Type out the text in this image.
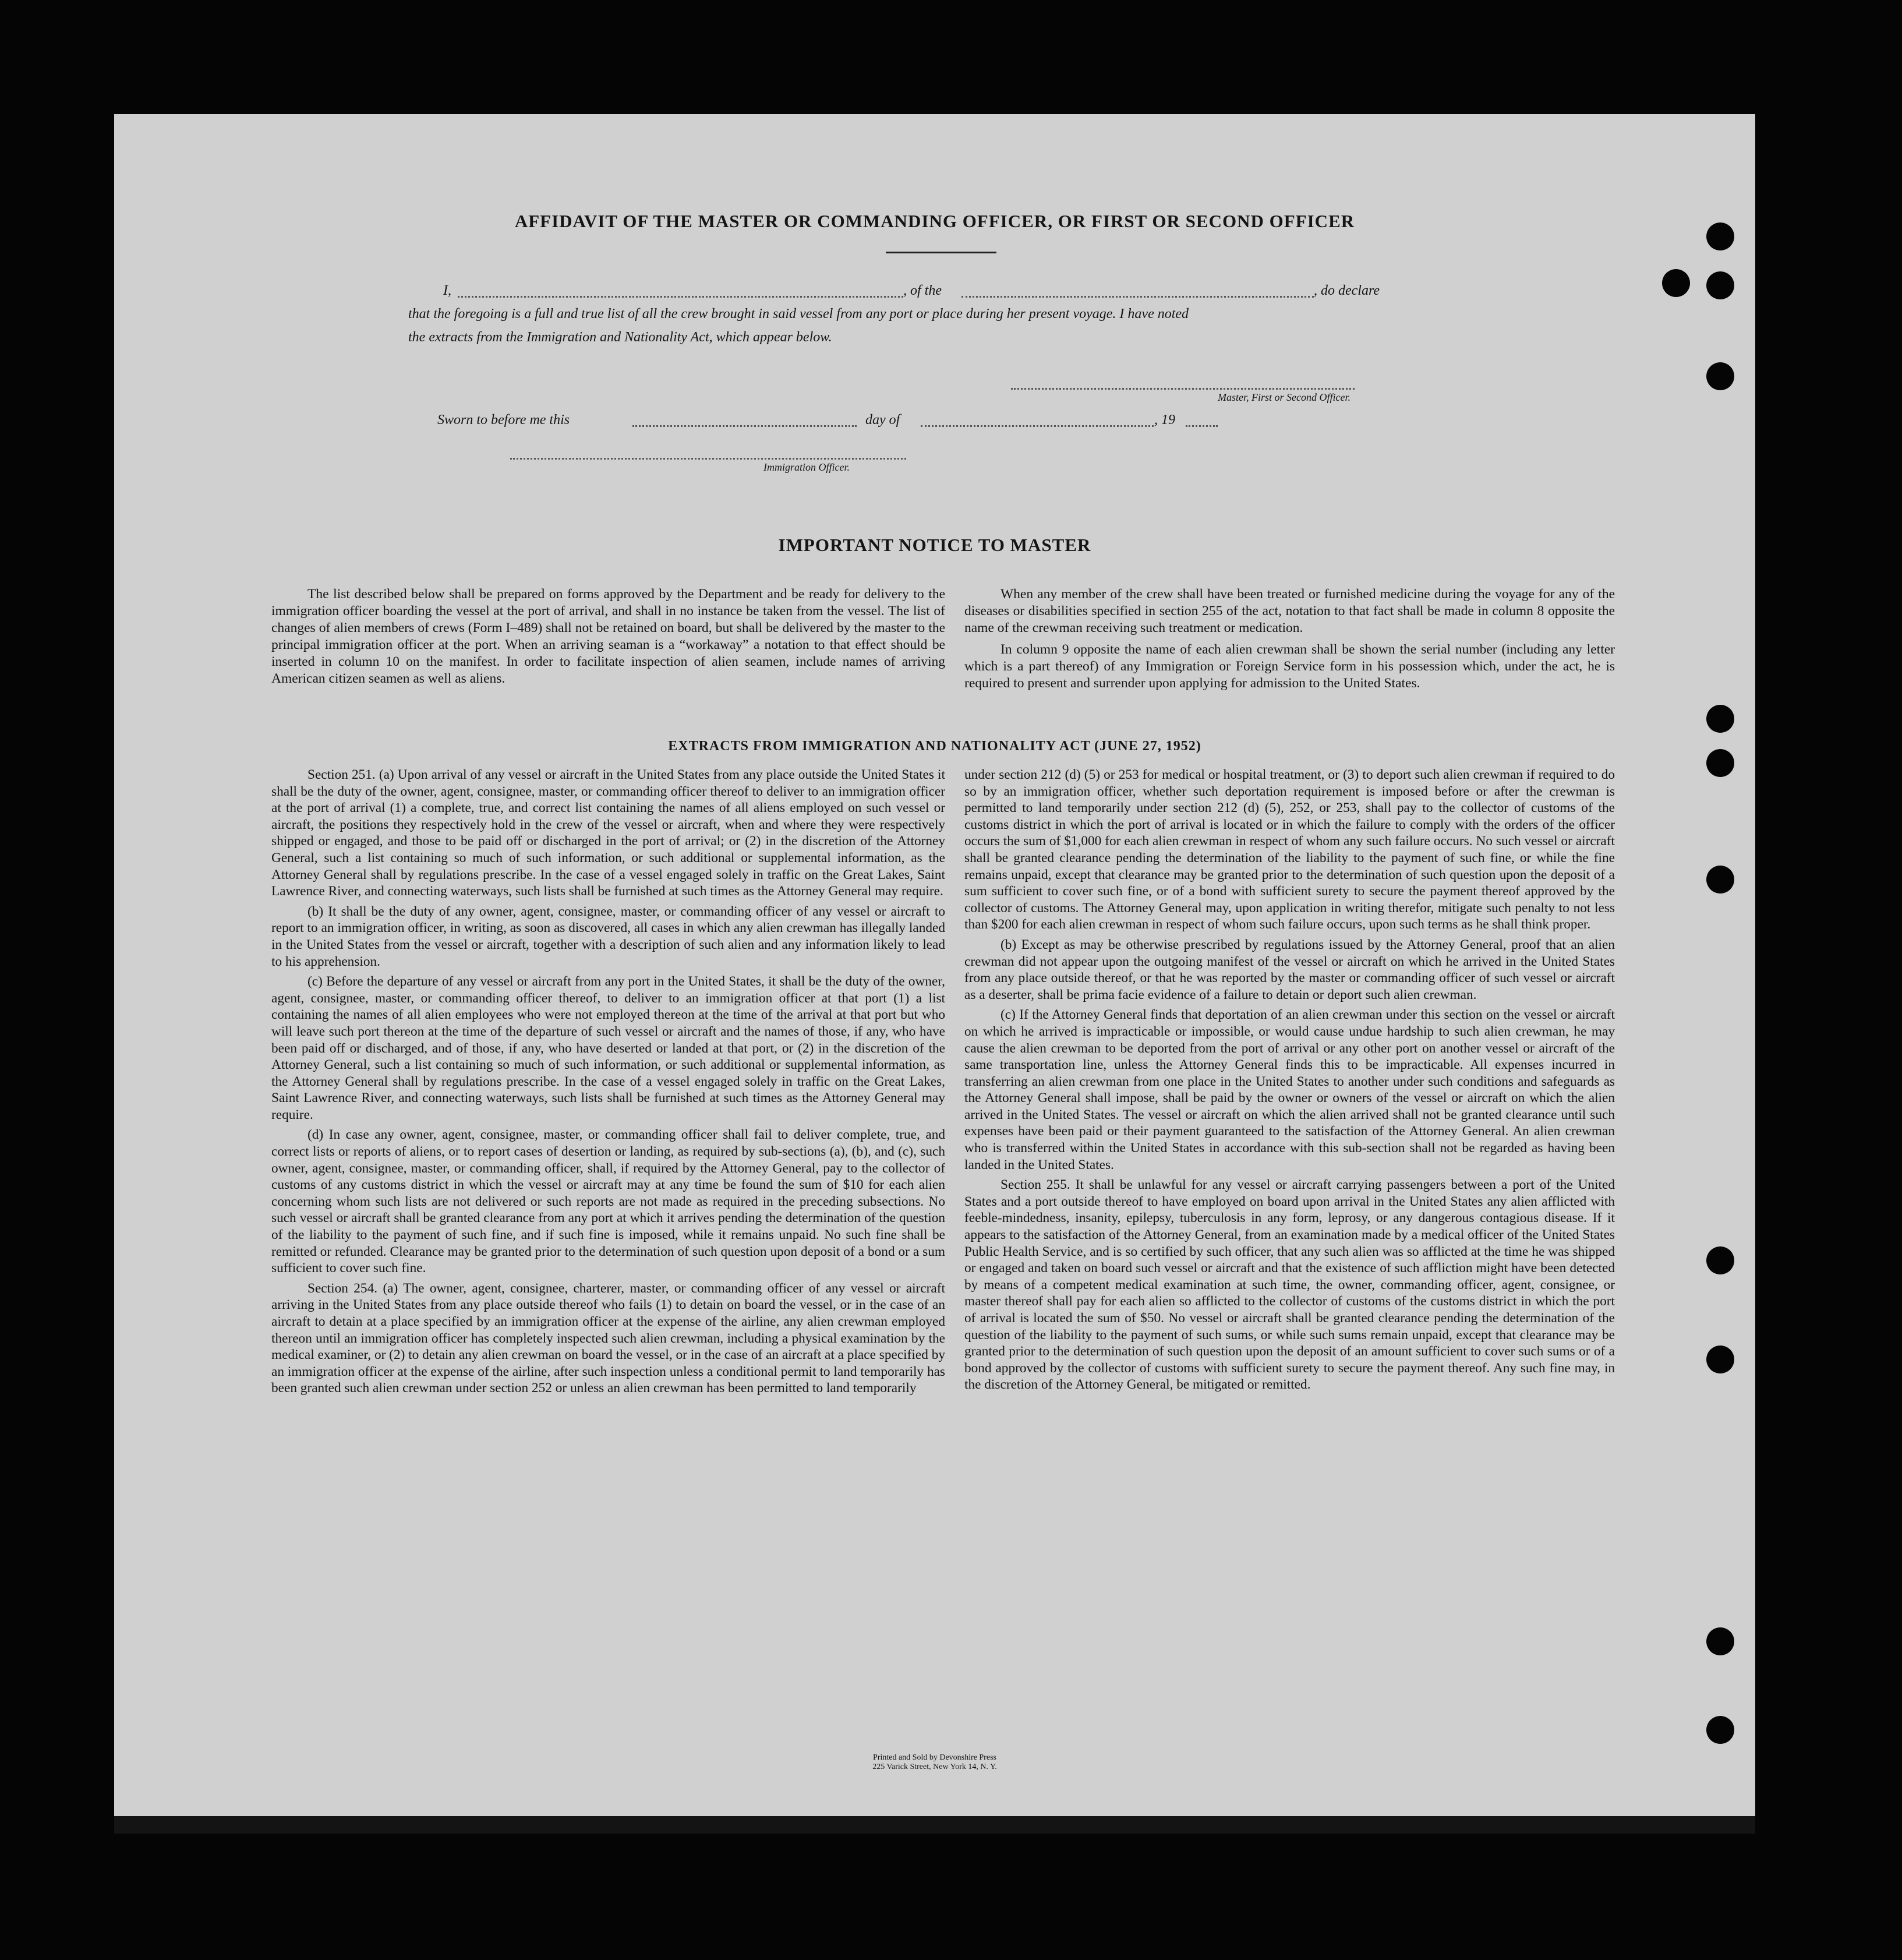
AFFIDAVIT OF THE MASTER OR COMMANDING OFFICER, OR FIRST OR SECOND OFFICER
I,	, of the	, do declare
that the foregoing is a full and true list of all the crew brought in said vessel from any port or place during her present voyage. I have noted
the extracts from the Immigration and Nationality Act, which appear below.
Master, First or Second Officer.
Sworn to before me this	day of	, 19
Immigration Officer.
IMPORTANT NOTICE TO MASTER

The list described below shall be prepared on forms approved by the Department and be ready for delivery to the immigration officer boarding the vessel at the port of arrival, and shall in no instance be taken from the vessel. The list of changes of alien members of crews (Form I–489) shall not be retained on board, but shall be delivered by the master to the principal immigration officer at the port. When an arriving seaman is a “workaway” a notation to that effect should be inserted in column 10 on the manifest. In order to facilitate inspection of alien seamen, include names of arriving American citizen seamen as well as aliens.

When any member of the crew shall have been treated or furnished medicine during the voyage for any of the diseases or disabilities specified in section 255 of the act, notation to that fact shall be made in column 8 opposite the name of the crewman receiving such treatment or medication.

In column 9 opposite the name of each alien crewman shall be shown the serial number (including any letter which is a part thereof) of any Immigration or Foreign Service form in his possession which, under the act, he is required to present and surrender upon applying for admission to the United States.

EXTRACTS FROM IMMIGRATION AND NATIONALITY ACT (JUNE 27, 1952)

Section 251. (a) Upon arrival of any vessel or aircraft in the United States from any place outside the United States it shall be the duty of the owner, agent, consignee, master, or commanding officer thereof to deliver to an immigration officer at the port of arrival (1) a complete, true, and correct list containing the names of all aliens employed on such vessel or aircraft, the positions they respectively hold in the crew of the vessel or aircraft, when and where they were respectively shipped or engaged, and those to be paid off or discharged in the port of arrival; or (2) in the discretion of the Attorney General, such a list containing so much of such information, or such additional or supplemental information, as the Attorney General shall by regulations prescribe. In the case of a vessel engaged solely in traffic on the Great Lakes, Saint Lawrence River, and connecting waterways, such lists shall be furnished at such times as the Attorney General may require.

(b) It shall be the duty of any owner, agent, consignee, master, or commanding officer of any vessel or aircraft to report to an immigration officer, in writing, as soon as discovered, all cases in which any alien crewman has illegally landed in the United States from the vessel or aircraft, together with a description of such alien and any information likely to lead to his apprehension.

(c) Before the departure of any vessel or aircraft from any port in the United States, it shall be the duty of the owner, agent, consignee, master, or commanding officer thereof, to deliver to an immigration officer at that port (1) a list containing the names of all alien employees who were not employed thereon at the time of the arrival at that port but who will leave such port thereon at the time of the departure of such vessel or aircraft and the names of those, if any, who have been paid off or discharged, and of those, if any, who have deserted or landed at that port, or (2) in the discretion of the Attorney General, such a list containing so much of such information, or such additional or supplemental information, as the Attorney General shall by regulations prescribe. In the case of a vessel engaged solely in traffic on the Great Lakes, Saint Lawrence River, and connecting waterways, such lists shall be furnished at such times as the Attorney General may require.

(d) In case any owner, agent, consignee, master, or commanding officer shall fail to deliver complete, true, and correct lists or reports of aliens, or to report cases of desertion or landing, as required by sub-sections (a), (b), and (c), such owner, agent, consignee, master, or commanding officer, shall, if required by the Attorney General, pay to the collector of customs of any customs district in which the vessel or aircraft may at any time be found the sum of $10 for each alien concerning whom such lists are not delivered or such reports are not made as required in the preceding subsections. No such vessel or aircraft shall be granted clearance from any port at which it arrives pending the determination of the question of the liability to the payment of such fine, and if such fine is imposed, while it remains unpaid. No such fine shall be remitted or refunded. Clearance may be granted prior to the determination of such question upon deposit of a bond or a sum sufficient to cover such fine.

Section 254. (a) The owner, agent, consignee, charterer, master, or commanding officer of any vessel or aircraft arriving in the United States from any place outside thereof who fails (1) to detain on board the vessel, or in the case of an aircraft to detain at a place specified by an immigration officer at the expense of the airline, any alien crewman employed thereon until an immigration officer has completely inspected such alien crewman, including a physical examination by the medical examiner, or (2) to detain any alien crewman on board the vessel, or in the case of an aircraft at a place specified by an immigration officer at the expense of the airline, after such inspection unless a conditional permit to land temporarily has been granted such alien crewman under section 252 or unless an alien crewman has been permitted to land temporarily

under section 212 (d) (5) or 253 for medical or hospital treatment, or (3) to deport such alien crewman if required to do so by an immigration officer, whether such deportation requirement is imposed before or after the crewman is permitted to land temporarily under section 212 (d) (5), 252, or 253, shall pay to the collector of customs of the customs district in which the port of arrival is located or in which the failure to comply with the orders of the officer occurs the sum of $1,000 for each alien crewman in respect of whom any such failure occurs. No such vessel or aircraft shall be granted clearance pending the determination of the liability to the payment of such fine, or while the fine remains unpaid, except that clearance may be granted prior to the determination of such question upon the deposit of a sum sufficient to cover such fine, or of a bond with sufficient surety to secure the payment thereof approved by the collector of customs. The Attorney General may, upon application in writing therefor, mitigate such penalty to not less than $200 for each alien crewman in respect of whom such failure occurs, upon such terms as he shall think proper.

(b) Except as may be otherwise prescribed by regulations issued by the Attorney General, proof that an alien crewman did not appear upon the outgoing manifest of the vessel or aircraft on which he arrived in the United States from any place outside thereof, or that he was reported by the master or commanding officer of such vessel or aircraft as a deserter, shall be prima facie evidence of a failure to detain or deport such alien crewman.

(c) If the Attorney General finds that deportation of an alien crewman under this section on the vessel or aircraft on which he arrived is impracticable or impossible, or would cause undue hardship to such alien crewman, he may cause the alien crewman to be deported from the port of arrival or any other port on another vessel or aircraft of the same transportation line, unless the Attorney General finds this to be impracticable. All expenses incurred in transferring an alien crewman from one place in the United States to another under such conditions and safeguards as the Attorney General shall impose, shall be paid by the owner or owners of the vessel or aircraft on which the alien arrived in the United States. The vessel or aircraft on which the alien arrived shall not be granted clearance until such expenses have been paid or their payment guaranteed to the satisfaction of the Attorney General. An alien crewman who is transferred within the United States in accordance with this sub-section shall not be regarded as having been landed in the United States.

Section 255. It shall be unlawful for any vessel or aircraft carrying passengers between a port of the United States and a port outside thereof to have employed on board upon arrival in the United States any alien afflicted with feeble-mindedness, insanity, epilepsy, tuberculosis in any form, leprosy, or any dangerous contagious disease. If it appears to the satisfaction of the Attorney General, from an examination made by a medical officer of the United States Public Health Service, and is so certified by such officer, that any such alien was so afflicted at the time he was shipped or engaged and taken on board such vessel or aircraft and that the existence of such affliction might have been detected by means of a competent medical examination at such time, the owner, commanding officer, agent, consignee, or master thereof shall pay for each alien so afflicted to the collector of customs of the customs district in which the port of arrival is located the sum of $50. No vessel or aircraft shall be granted clearance pending the determination of the question of the liability to the payment of such sums, or while such sums remain unpaid, except that clearance may be granted prior to the determination of such question upon the deposit of an amount sufficient to cover such sums or of a bond approved by the collector of customs with sufficient surety to secure the payment thereof. Any such fine may, in the discretion of the Attorney General, be mitigated or remitted.

Printed and Sold by Devonshire Press
225 Varick Street, New York 14, N. Y.
